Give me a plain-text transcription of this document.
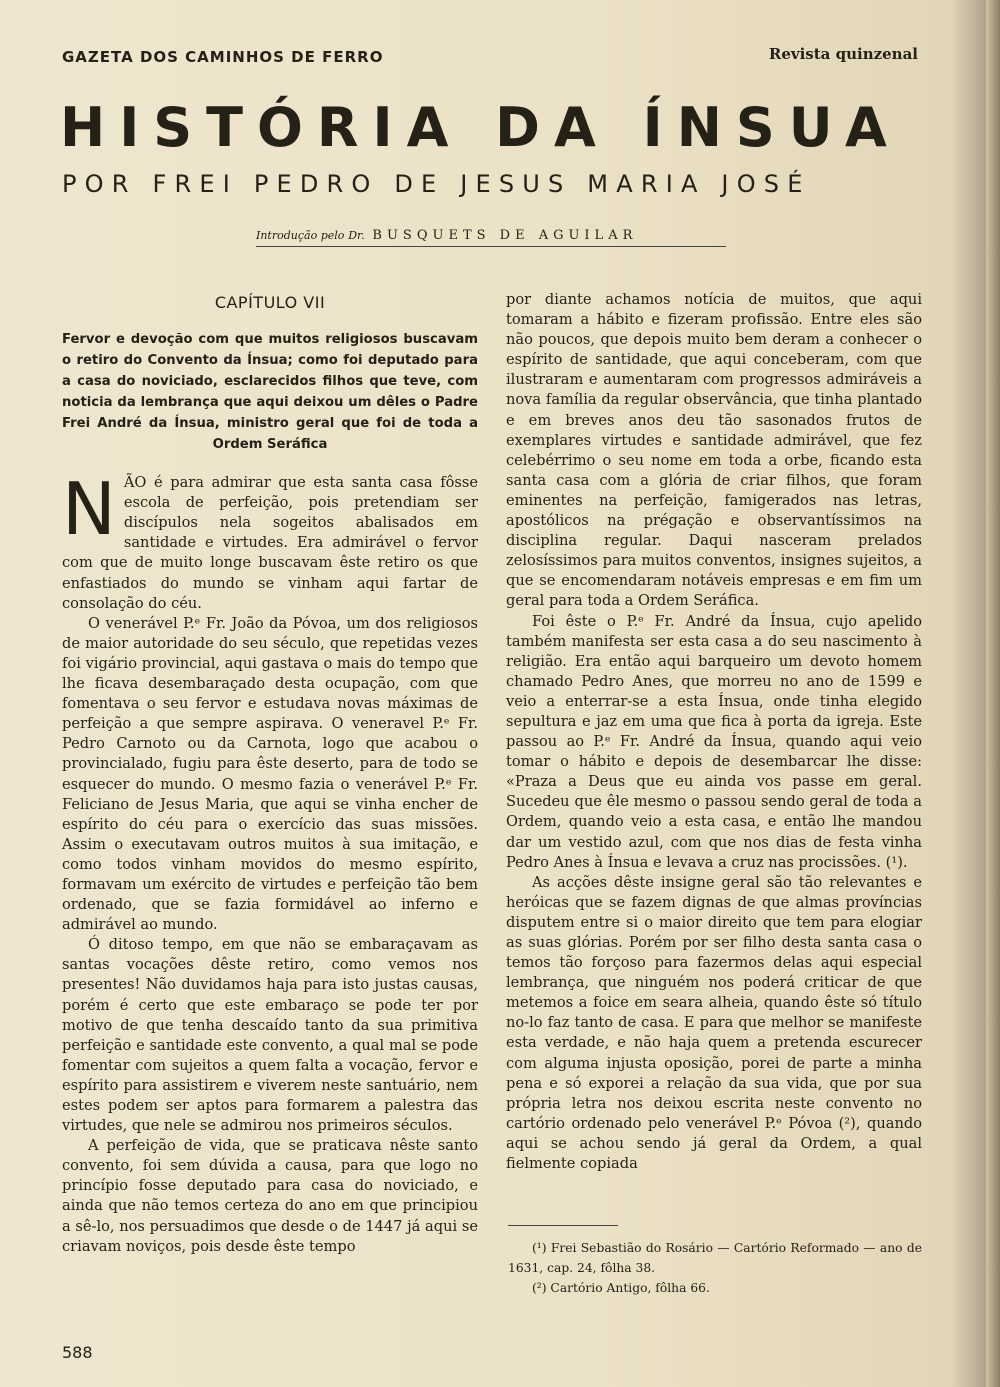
GAZETA DOS CAMINHOS DE FERRO	Revista quinzenal
HISTÓRIA DA ÍNSUA
POR FREI PEDRO DE JESUS MARIA JOSÉ
Introdução pelo Dr. BUSQUETS DE AGUILAR
CAPÍTULO VII
Fervor e devoção com que muitos religiosos buscavam o retiro do Convento da Ínsua; como foi deputado para a casa do noviciado, esclarecidos filhos que teve, com noticia da lembrança que aqui deixou um dêles o Padre Frei André da Ínsua, ministro geral que foi de toda a Ordem Seráfica

NÃO é para admirar que esta santa casa fôsse escola de perfeição, pois pretendiam ser discípulos nela sogeitos abalisados em santidade e virtudes. Era admirável o fervor com que de muito longe buscavam êste retiro os que enfastiados do mundo se vinham aqui fartar de consolação do céu.

O venerável P.ᵉ Fr. João da Póvoa, um dos religiosos de maior autoridade do seu século, que repetidas vezes foi vigário provincial, aqui gastava o mais do tempo que lhe ficava desembaraçado desta ocupação, com que fomentava o seu fervor e estudava novas máximas de perfeição a que sempre aspirava. O veneravel P.ᵉ Fr. Pedro Carnoto ou da Carnota, logo que acabou o provincialado, fugiu para êste deserto, para de todo se esquecer do mundo. O mesmo fazia o venerável P.ᵉ Fr. Feliciano de Jesus Maria, que aqui se vinha encher de espírito do céu para o exercício das suas missões. Assim o executavam outros muitos à sua imitação, e como todos vinham movidos do mesmo espírito, formavam um exército de virtudes e perfeição tão bem ordenado, que se fazia formidável ao inferno e admirável ao mundo.

Ó ditoso tempo, em que não se embaraçavam as santas vocações dêste retiro, como vemos nos presentes! Não duvidamos haja para isto justas causas, porém é certo que este embaraço se pode ter por motivo de que tenha descaído tanto da sua primitiva perfeição e santidade este convento, a qual mal se pode fomentar com sujeitos a quem falta a vocação, fervor e espírito para assistirem e viverem neste santuário, nem estes podem ser aptos para formarem a palestra das virtudes, que nele se admirou nos primeiros séculos.

A perfeição de vida, que se praticava nêste santo convento, foi sem dúvida a causa, para que logo no princípio fosse deputado para casa do noviciado, e ainda que não temos certeza do ano em que principiou a sê-lo, nos persuadimos que desde o de 1447 já aqui se criavam noviços, pois desde êste tempo

por diante achamos notícia de muitos, que aqui tomaram a hábito e fizeram profissão. Entre eles são não poucos, que depois muito bem deram a conhecer o espírito de santidade, que aqui conceberam, com que ilustraram e aumentaram com progressos admiráveis a nova família da regular observância, que tinha plantado e em breves anos deu tão sasonados frutos de exemplares virtudes e santidade admirável, que fez celebérrimo o seu nome em toda a orbe, ficando esta santa casa com a glória de criar filhos, que foram eminentes na perfeição, famigerados nas letras, apostólicos na prégação e observantíssimos na disciplina regular. Daqui nasceram prelados zelosíssimos para muitos conventos, insignes sujeitos, a que se encomendaram notáveis empresas e em fim um geral para toda a Ordem Seráfica.

Foi êste o P.ᵉ Fr. André da Ínsua, cujo apelido também manifesta ser esta casa a do seu nascimento à religião. Era então aqui barqueiro um devoto homem chamado Pedro Anes, que morreu no ano de 1599 e veio a enterrar-se a esta Ínsua, onde tinha elegido sepultura e jaz em uma que fica à porta da igreja. Este passou ao P.ᵉ Fr. André da Ínsua, quando aqui veio tomar o hábito e depois de desembarcar lhe disse: «Praza a Deus que eu ainda vos passe em geral. Sucedeu que êle mesmo o passou sendo geral de toda a Ordem, quando veio a esta casa, e então lhe mandou dar um vestido azul, com que nos dias de festa vinha Pedro Anes à Ínsua e levava a cruz nas procissões. (¹).

As acções dêste insigne geral são tão relevantes e heróicas que se fazem dignas de que almas províncias disputem entre si o maior direito que tem para elogiar as suas glórias. Porém por ser filho desta santa casa o temos tão forçoso para fazermos delas aqui especial lembrança, que ninguém nos poderá criticar de que metemos a foice em seara alheia, quando êste só título no-lo faz tanto de casa. E para que melhor se manifeste esta verdade, e não haja quem a pretenda escurecer com alguma injusta oposição, porei de parte a minha pena e só exporei a relação da sua vida, que por sua própria letra nos deixou escrita neste convento no cartório ordenado pelo venerável P.ᵉ Póvoa (²), quando aqui se achou sendo já geral da Ordem, a qual fielmente copiada

(¹) Frei Sebastião do Rosário — Cartório Reformado — ano de 1631, cap. 24, fôlha 38.

(²) Cartório Antigo, fôlha 66.

588
